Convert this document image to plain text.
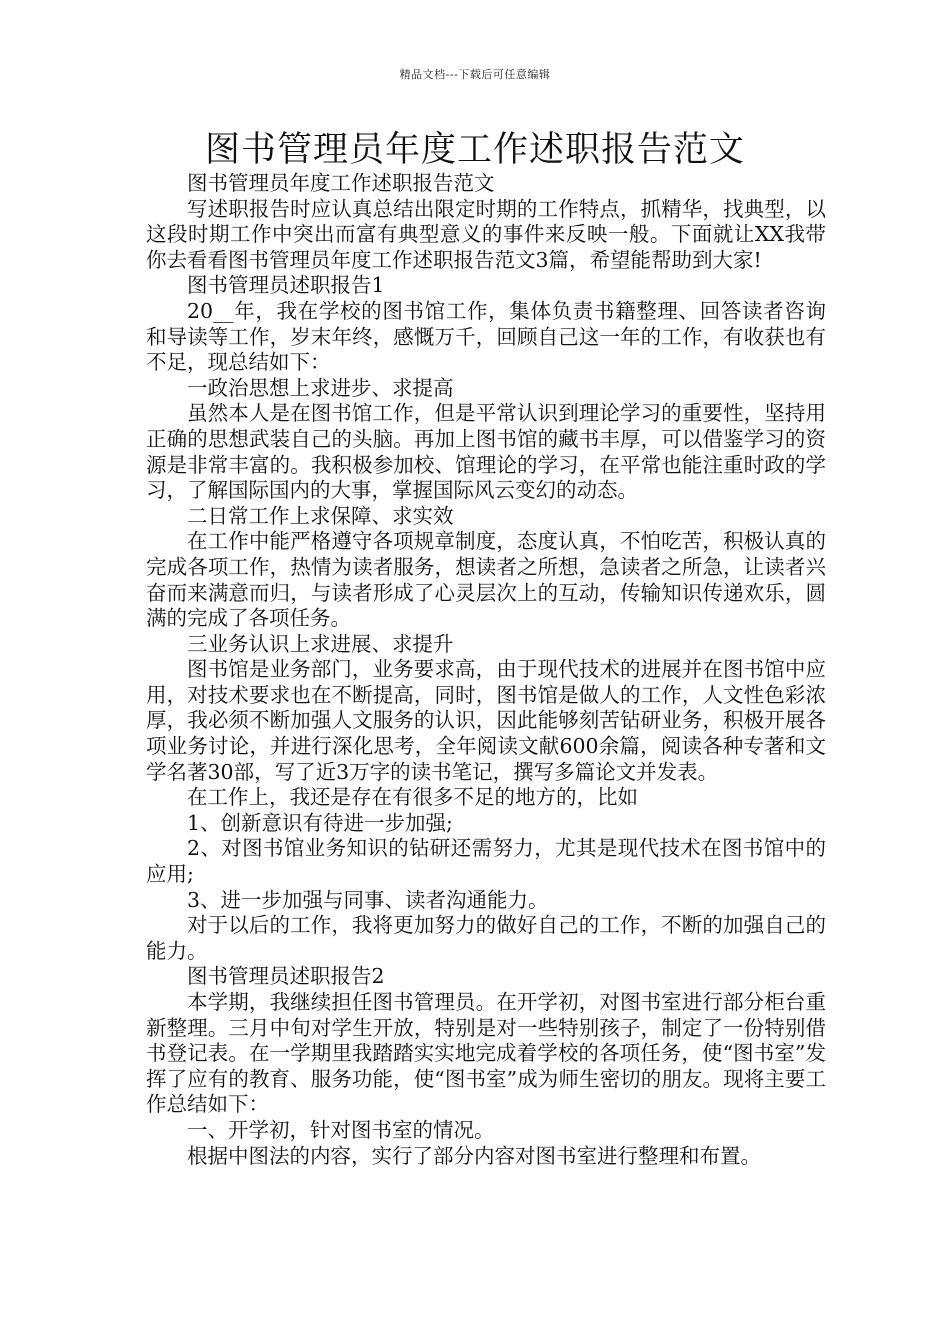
精品文档---下载后可任意编辑
图书管理员年度工作述职报告范文

图书管理员年度工作述职报告范文

写述职报告时应认真总结出限定时期的工作特点，抓精华，找典型，以这段时期工作中突出而富有典型意义的事件来反映一般。下面就让XX我带你去看看图书管理员年度工作述职报告范文3篇，希望能帮助到大家!

图书管理员述职报告1

20__年，我在学校的图书馆工作，集体负责书籍整理、回答读者咨询和导读等工作，岁末年终，感慨万千，回顾自己这一年的工作，有收获也有不足，现总结如下：

一政治思想上求进步、求提高

虽然本人是在图书馆工作，但是平常认识到理论学习的重要性，坚持用正确的思想武装自己的头脑。再加上图书馆的藏书丰厚，可以借鉴学习的资源是非常丰富的。我积极参加校、馆理论的学习，在平常也能注重时政的学习，了解国际国内的大事，掌握国际风云变幻的动态。

二日常工作上求保障、求实效

在工作中能严格遵守各项规章制度，态度认真，不怕吃苦，积极认真的完成各项工作，热情为读者服务，想读者之所想，急读者之所急，让读者兴奋而来满意而归，与读者形成了心灵层次上的互动，传输知识传递欢乐，圆满的完成了各项任务。

三业务认识上求进展、求提升

图书馆是业务部门，业务要求高，由于现代技术的进展并在图书馆中应用，对技术要求也在不断提高，同时，图书馆是做人的工作，人文性色彩浓厚，我必须不断加强人文服务的认识，因此能够刻苦钻研业务，积极开展各项业务讨论，并进行深化思考，全年阅读文献600余篇，阅读各种专著和文学名著30部，写了近3万字的读书笔记，撰写多篇论文并发表。

在工作上，我还是存在有很多不足的地方的，比如

1、创新意识有待进一步加强;

2、对图书馆业务知识的钻研还需努力，尤其是现代技术在图书馆中的应用;

3、进一步加强与同事、读者沟通能力。

对于以后的工作，我将更加努力的做好自己的工作，不断的加强自己的能力。

图书管理员述职报告2

本学期，我继续担任图书管理员。在开学初，对图书室进行部分柜台重新整理。三月中旬对学生开放，特别是对一些特别孩子，制定了一份特别借书登记表。在一学期里我踏踏实实地完成着学校的各项任务，使“图书室”发挥了应有的教育、服务功能，使“图书室”成为师生密切的朋友。现将主要工作总结如下：

一、开学初，针对图书室的情况。

根据中图法的内容，实行了部分内容对图书室进行整理和布置。
